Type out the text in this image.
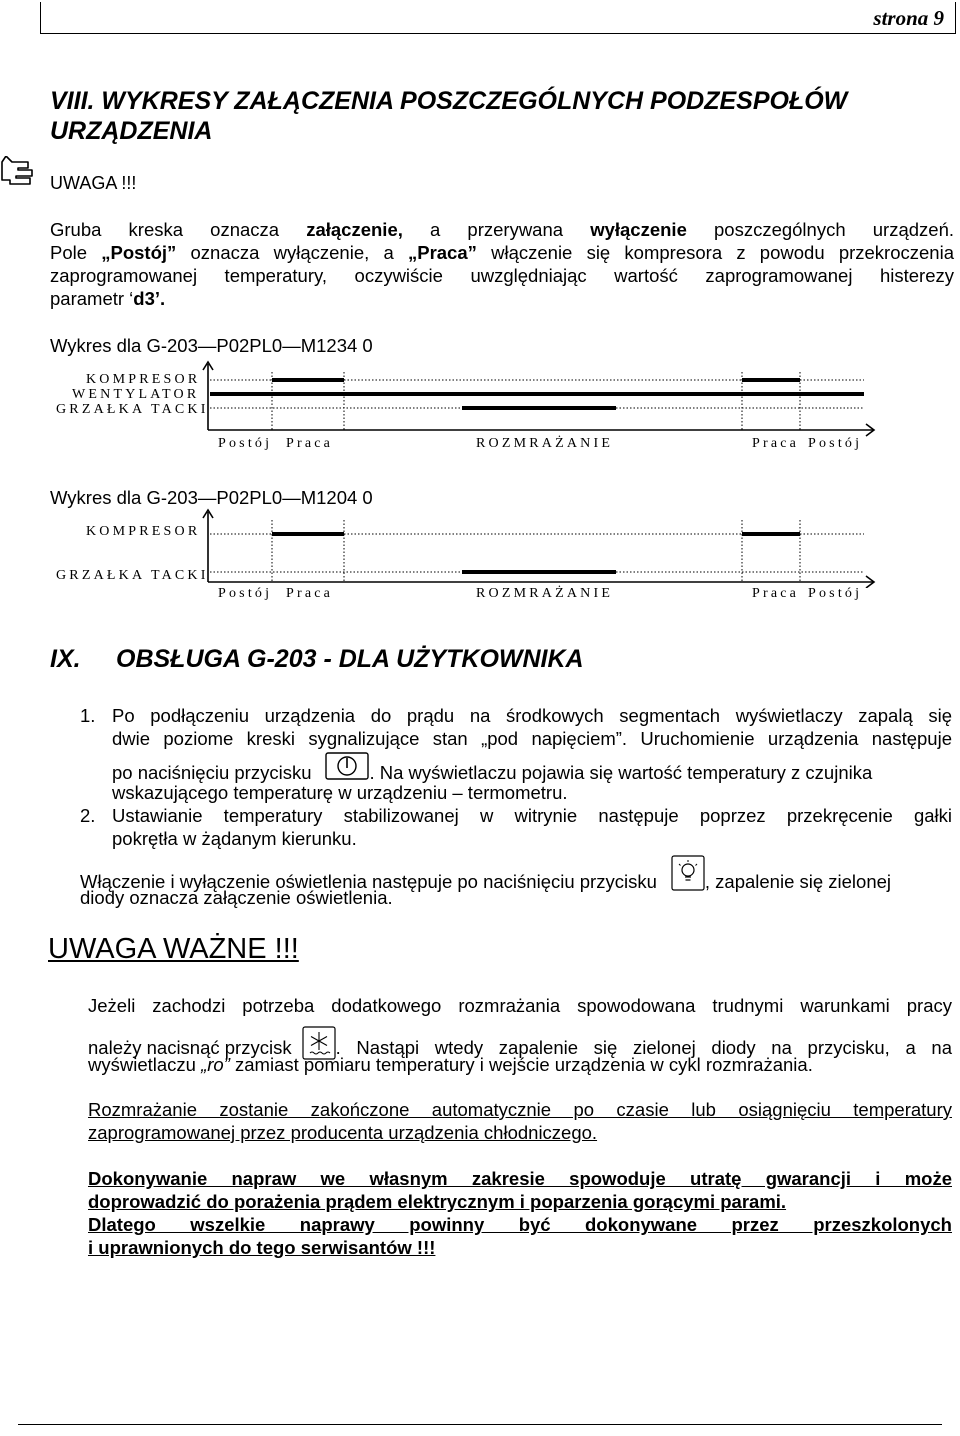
strona 9
VIII. WYKRESY ZAŁĄCZENIA POSZCZEGÓLNYCH PODZESPOŁÓW
URZĄDZENIA
UWAGA !!!
Gruba kreska oznacza załączenie, a przerywana wyłączenie poszczególnych urządzeń.
Pole „Postój” oznacza wyłączenie, a „Praca” włączenie się kompresora z powodu przekroczenia
zaprogramowanej temperatury, oczywiście uwzględniając wartość zaprogramowanej histerezy
parametr ‘d3’.
Wykres dla G-203—P02PL0—M1234 0
KOMPRESOR
WENTYLATOR
GRZAŁKA TACKI
Postój Praca	ROZMRAŻANIE	Praca Postój
Wykres dla G-203—P02PL0—M1204 0
KOMPRESOR
GRZAŁKA TACKI
Postój Praca	ROZMRAŻANIE	Praca Postój
IX. OBSŁUGA G-203 - DLA UŻYTKOWNIKA
1. Po podłączeniu urządzenia do prądu na środkowych segmentach wyświetlaczy zapalą się
dwie poziome kreski sygnalizujące stan „pod napięciem”. Uruchomienie urządzenia następuje
po naciśnięciu przycisku	. Na wyświetlaczu pojawia się wartość temperatury z czujnika
wskazującego temperaturę w urządzeniu – termometru.
2. Ustawianie temperatury stabilizowanej w witrynie następuje poprzez przekręcenie gałki
pokrętła w żądanym kierunku.
Włączenie i wyłączenie oświetlenia następuje po naciśnięciu przycisku	, zapalenie się zielonej
diody oznacza załączenie oświetlenia.
UWAGA WAŻNE !!!
Jeżeli zachodzi potrzeba dodatkowego rozmrażania spowodowana trudnymi warunkami pracy
należy nacisnąć przycisk . Nastąpi wtedy zapalenie się zielonej diody na przycisku, a na
wyświetlaczu „ro” zamiast pomiaru temperatury i wejście urządzenia w cykl rozmrażania.
Rozmrażanie zostanie zakończone automatycznie po czasie lub osiągnięciu temperatury
zaprogramowanej przez producenta urządzenia chłodniczego.
Dokonywanie napraw we własnym zakresie spowoduje utratę gwarancji i może
doprowadzić do porażenia prądem elektrycznym i poparzenia gorącymi parami.
Dlatego wszelkie naprawy powinny być dokonywane przez przeszkolonych
i uprawnionych do tego serwisantów !!!
